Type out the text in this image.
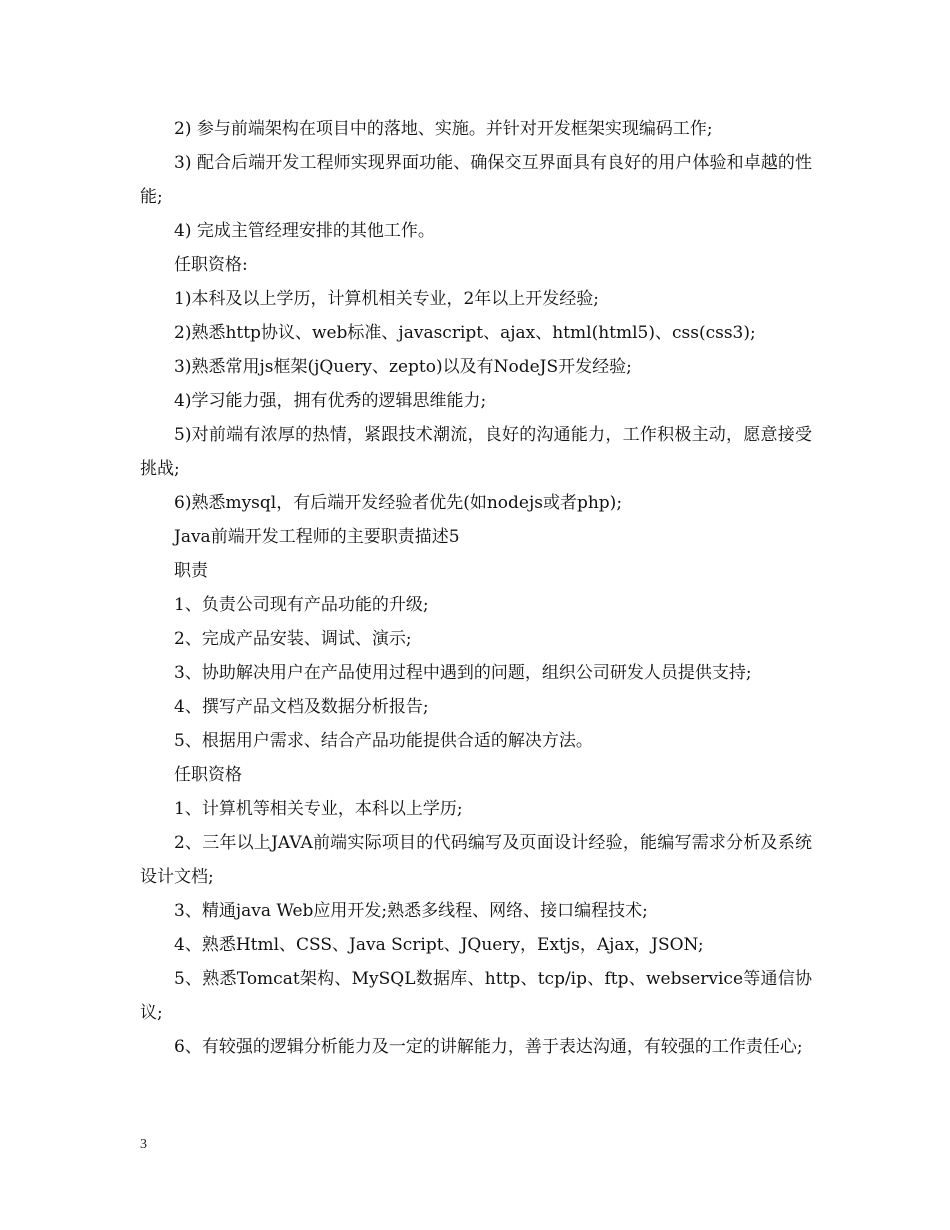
2) 参与前端架构在项目中的落地、实施。并针对开发框架实现编码工作;

3) 配合后端开发工程师实现界面功能、确保交互界面具有良好的用户体验和卓越的性能;

4) 完成主管经理安排的其他工作。

任职资格:

1)本科及以上学历，计算机相关专业，2年以上开发经验;

2)熟悉http协议、web标准、javascript、ajax、html(html5)、css(css3);

3)熟悉常用js框架(jQuery、zepto)以及有NodeJS开发经验;

4)学习能力强，拥有优秀的逻辑思维能力;

5)对前端有浓厚的热情，紧跟技术潮流，良好的沟通能力，工作积极主动，愿意接受挑战;

6)熟悉mysql，有后端开发经验者优先(如nodejs或者php);

Java前端开发工程师的主要职责描述5

职责

1、负责公司现有产品功能的升级;

2、完成产品安装、调试、演示;

3、协助解决用户在产品使用过程中遇到的问题，组织公司研发人员提供支持;

4、撰写产品文档及数据分析报告;

5、根据用户需求、结合产品功能提供合适的解决方法。

任职资格

1、计算机等相关专业，本科以上学历;

2、三年以上JAVA前端实际项目的代码编写及页面设计经验，能编写需求分析及系统设计文档;

3、精通java Web应用开发;熟悉多线程、网络、接口编程技术;

4、熟悉Html、CSS、Java Script、JQuery，Extjs，Ajax，JSON;

5、熟悉Tomcat架构、MySQL数据库、http、tcp/ip、ftp、webservice等通信协议;

6、有较强的逻辑分析能力及一定的讲解能力，善于表达沟通，有较强的工作责任心;

3
